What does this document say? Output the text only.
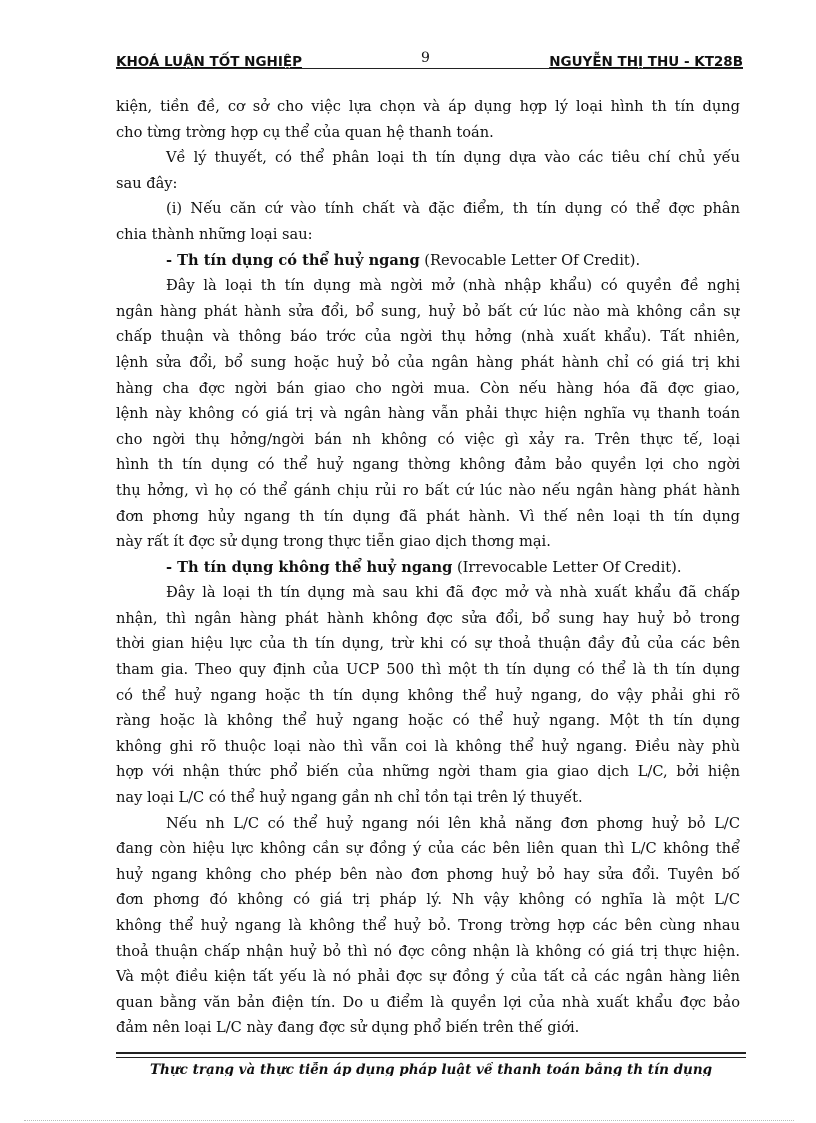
KHOÁ LUẬN TỐT NGHIỆP	9	NGUYỄN THỊ THU - KT28B
kiện, tiền đề, cơ sở cho việc lựa chọn và áp dụng hợp lý loại hình th tín dụng
cho từng trờng hợp cụ thể của quan hệ thanh toán.
Về lý thuyết, có thể phân loại th tín dụng dựa vào các tiêu chí chủ yếu
sau đây:
(i) Nếu căn cứ vào tính chất và đặc điểm, th tín dụng có thể đợc phân
chia thành những loại sau:
- Th tín dụng có thể huỷ ngang (Revocable Letter Of Credit).
Đây là loại th tín dụng mà ngời mở (nhà nhập khẩu) có quyền đề nghị
ngân hàng phát hành sửa đổi, bổ sung, huỷ bỏ bất cứ lúc nào mà không cần sự
chấp thuận và thông báo trớc của ngời thụ hởng (nhà xuất khẩu). Tất nhiên,
lệnh sửa đổi, bổ sung hoặc huỷ bỏ của ngân hàng phát hành chỉ có giá trị khi
hàng cha đợc ngời bán giao cho ngời mua. Còn nếu hàng hóa đã đợc giao,
lệnh này không có giá trị và ngân hàng vẫn phải thực hiện nghĩa vụ thanh toán
cho ngời thụ hởng/ngời bán nh không có việc gì xảy ra. Trên thực tế, loại
hình th tín dụng có thể huỷ ngang thờng không đảm bảo quyền lợi cho ngời
thụ hởng, vì họ có thể gánh chịu rủi ro bất cứ lúc nào nếu ngân hàng phát hành
đơn phơng hủy ngang th tín dụng đã phát hành. Vì thế nên loại th tín dụng
này rất ít đợc sử dụng trong thực tiễn giao dịch thơng mại.
- Th tín dụng không thể huỷ ngang (Irrevocable Letter Of Credit).
Đây là loại th tín dụng mà sau khi đã đợc mở và nhà xuất khẩu đã chấp
nhận, thì ngân hàng phát hành không đợc sửa đổi, bổ sung hay huỷ bỏ trong
thời gian hiệu lực của th tín dụng, trừ khi có sự thoả thuận đầy đủ của các bên
tham gia. Theo quy định của UCP 500 thì một th tín dụng có thể là th tín dụng
có thể huỷ ngang hoặc th tín dụng không thể huỷ ngang, do vậy phải ghi rõ
ràng hoặc là không thể huỷ ngang hoặc có thể huỷ ngang. Một th tín dụng
không ghi rõ thuộc loại nào thì vẫn coi là không thể huỷ ngang. Điều này phù
hợp với nhận thức phổ biến của những ngời tham gia giao dịch L/C, bởi hiện
nay loại L/C có thể huỷ ngang gần nh chỉ tồn tại trên lý thuyết.
Nếu nh L/C có thể huỷ ngang nói lên khả năng đơn phơng huỷ bỏ L/C
đang còn hiệu lực không cần sự đồng ý của các bên liên quan thì L/C không thể
huỷ ngang không cho phép bên nào đơn phơng huỷ bỏ hay sửa đổi. Tuyên bố
đơn phơng đó không có giá trị pháp lý. Nh vậy không có nghĩa là một L/C
không thể huỷ ngang là không thể huỷ bỏ. Trong trờng hợp các bên cùng nhau
thoả thuận chấp nhận huỷ bỏ thì nó đợc công nhận là không có giá trị thực hiện.
Và một điều kiện tất yếu là nó phải đợc sự đồng ý của tất cả các ngân hàng liên
quan bằng văn bản điện tín. Do u điểm là quyền lợi của nhà xuất khẩu đợc bảo
đảm nên loại L/C này đang đợc sử dụng phổ biến trên thế giới.
Thực trạng và thực tiễn áp dụng pháp luật về thanh toán bằng th tín dụng
